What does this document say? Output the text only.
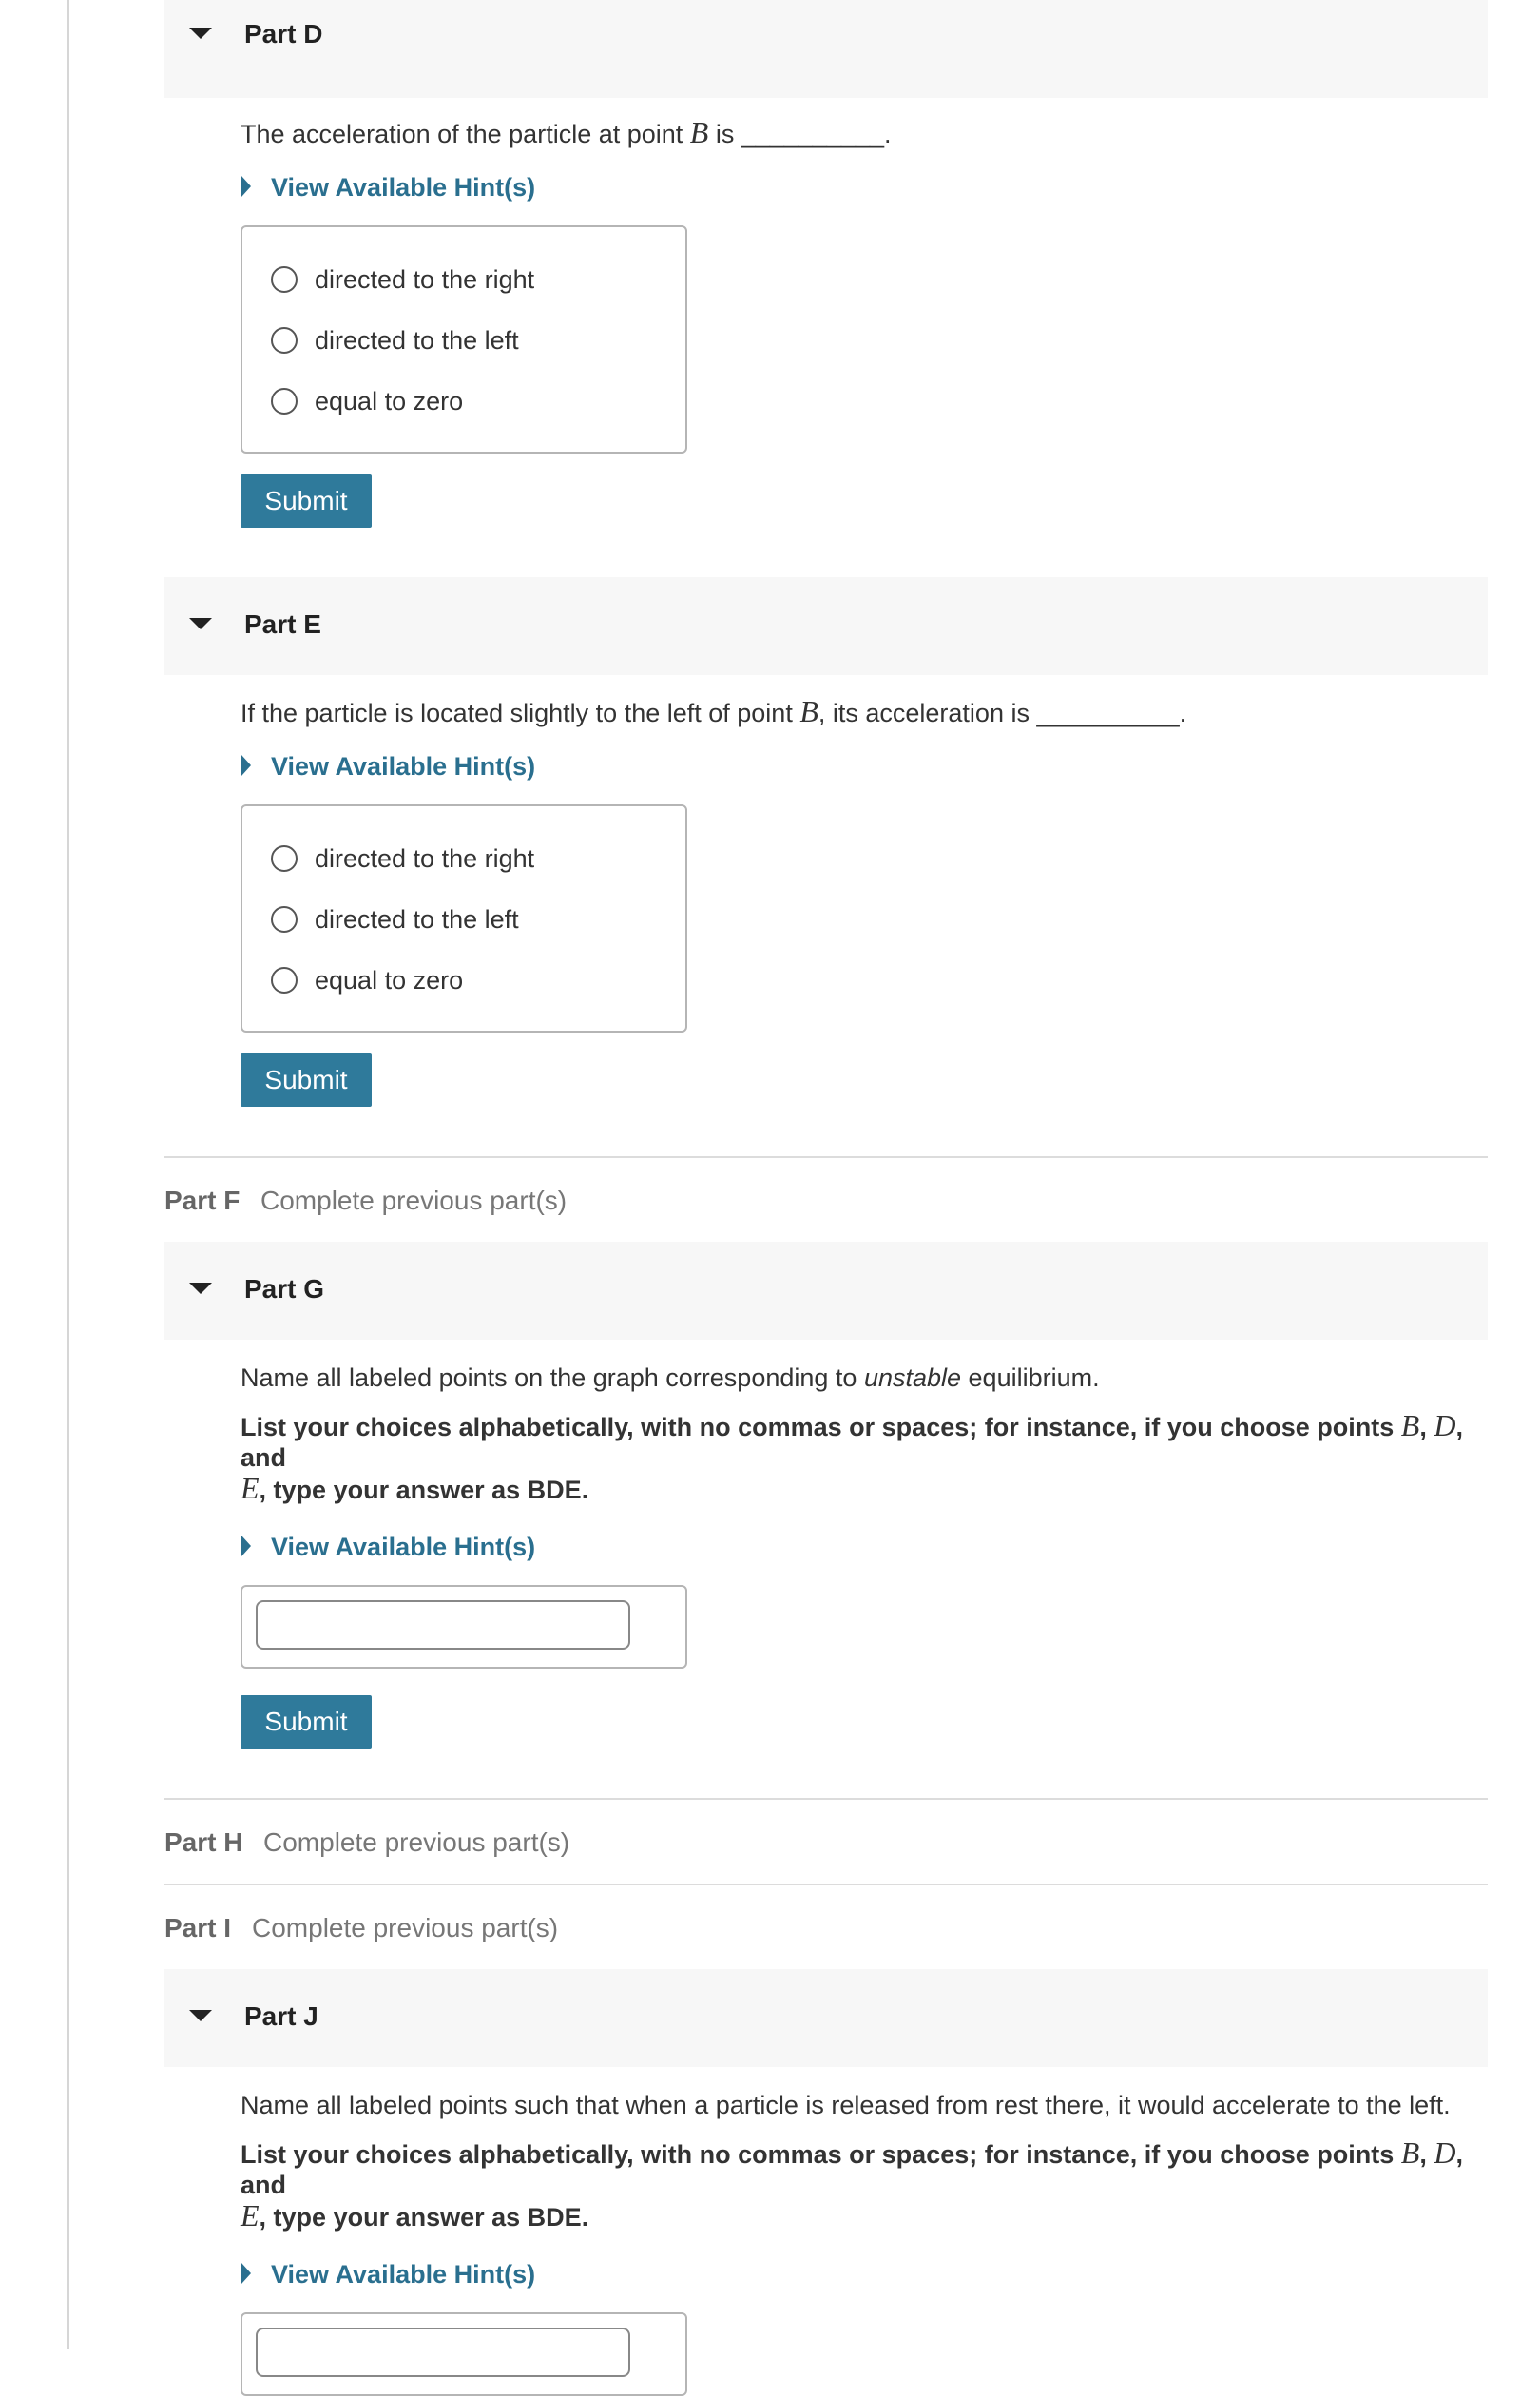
Part D

The acceleration of the particle at point B is __________.

View Available Hint(s)
directed to the right
directed to the left
equal to zero
Submit
Part E

If the particle is located slightly to the left of point B, its acceleration is __________.

View Available Hint(s)
directed to the right
directed to the left
equal to zero
Submit
Part F Complete previous part(s)
Part G

Name all labeled points on the graph corresponding to unstable equilibrium.

List your choices alphabetically, with no commas or spaces; for instance, if you choose points B, D, and
E, type your answer as BDE.

View Available Hint(s)
Submit
Part H Complete previous part(s)
Part I Complete previous part(s)
Part J

Name all labeled points such that when a particle is released from rest there, it would accelerate to the left.

List your choices alphabetically, with no commas or spaces; for instance, if you choose points B, D, and
E, type your answer as BDE.

View Available Hint(s)
